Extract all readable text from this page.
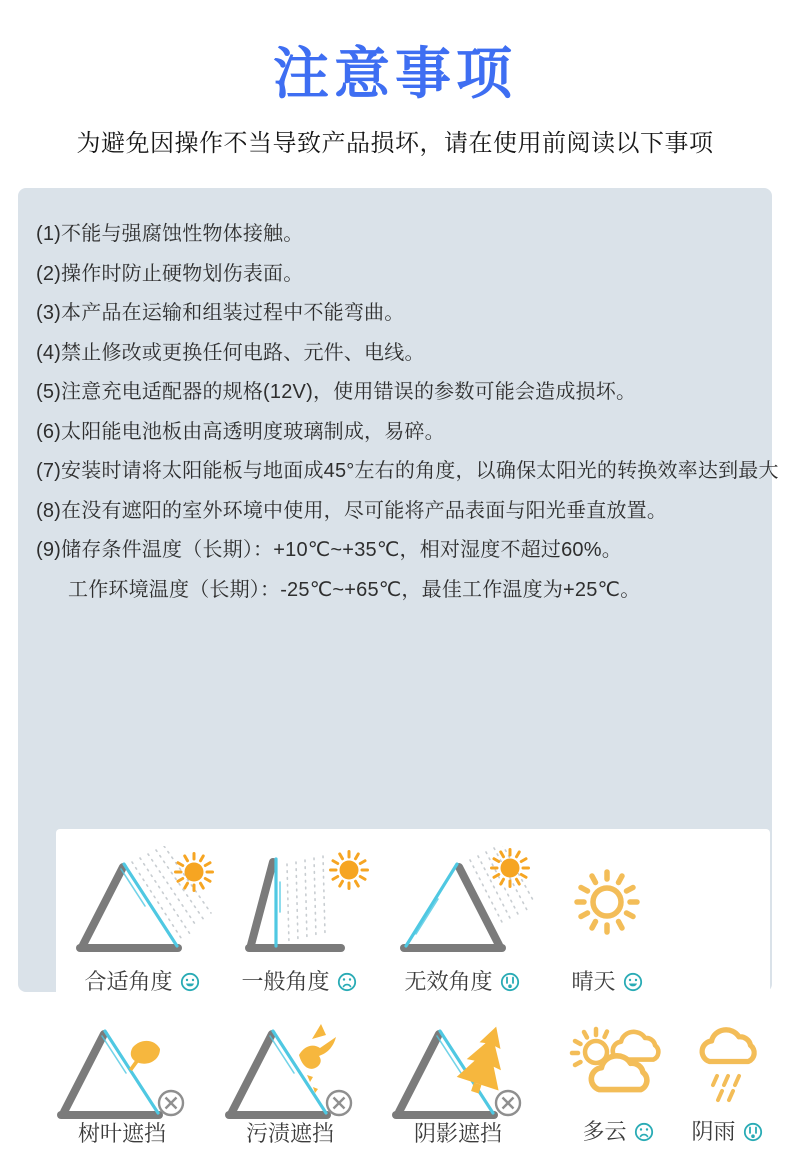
注意事项
为避免因操作不当导致产品损坏，请在使用前阅读以下事项
(1)不能与强腐蚀性物体接触。
(2)操作时防止硬物划伤表面。
(3)本产品在运输和组装过程中不能弯曲。
(4)禁止修改或更换任何电路、元件、电线。
(5)注意充电适配器的规格(12V)，使用错误的参数可能会造成损坏。
(6)太阳能电池板由高透明度玻璃制成，易碎。
(7)安装时请将太阳能板与地面成45°左右的角度，以确保太阳光的转换效率达到最大
(8)在没有遮阳的室外环境中使用，尽可能将产品表面与阳光垂直放置。
(9)储存条件温度（长期）：+10℃~+35℃，相对湿度不超过60%。
工作环境温度（长期）：-25℃~+65℃，最佳工作温度为+25℃。
合适角度	一般角度	无效角度	晴天
树叶遮挡	污渍遮挡	阴影遮挡	多云	阴雨
